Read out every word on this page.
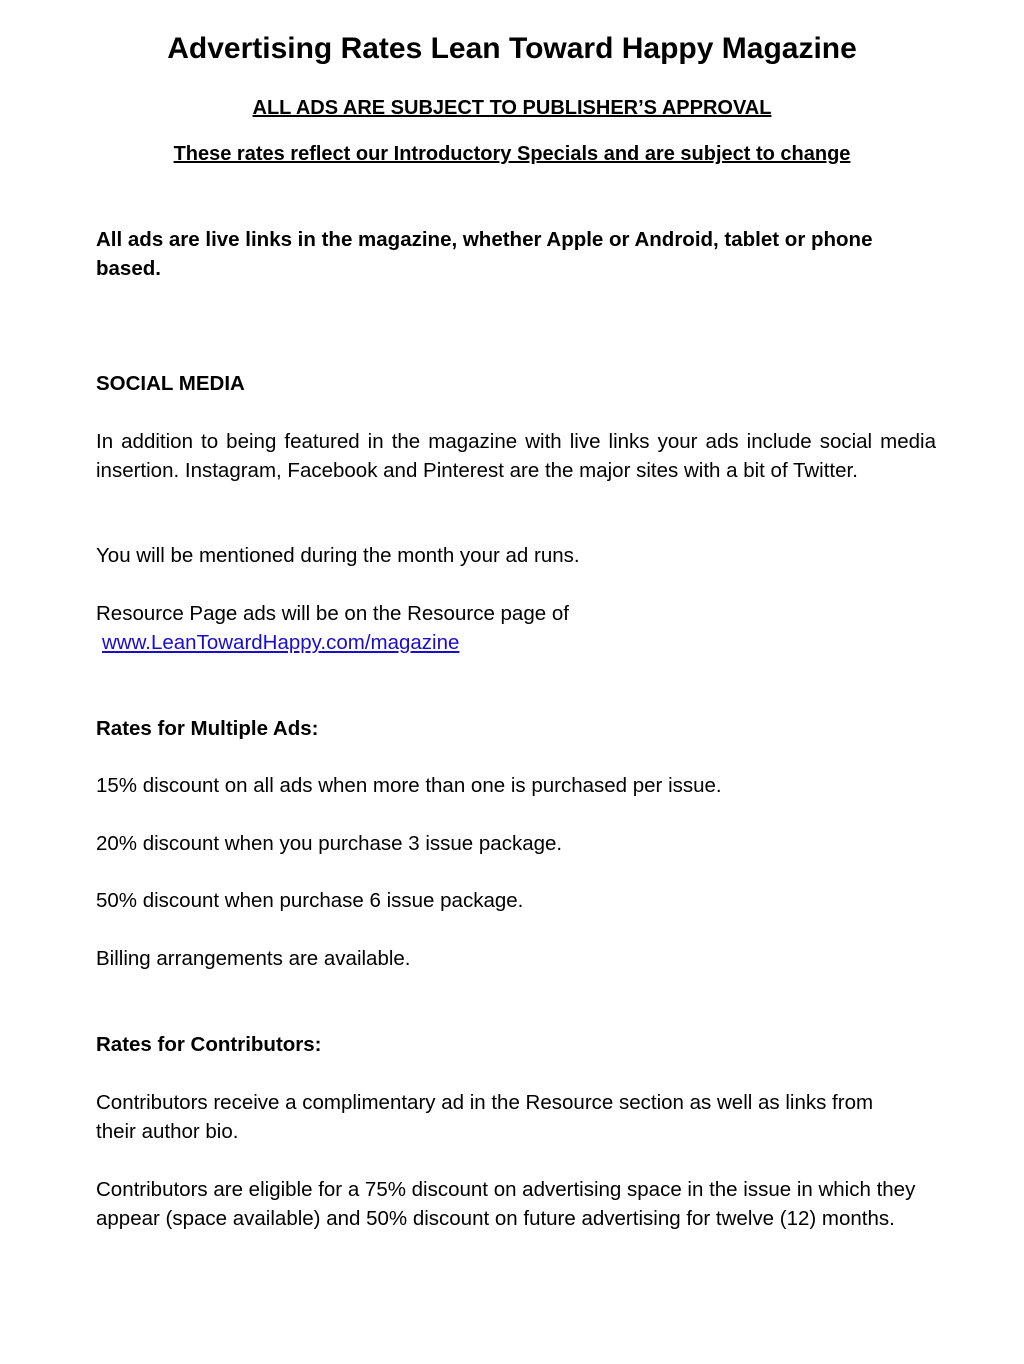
Advertising Rates Lean Toward Happy Magazine

ALL ADS ARE SUBJECT TO PUBLISHER’S APPROVAL

These rates reflect our Introductory Specials and are subject to change

All ads are live links in the magazine, whether Apple or Android, tablet or phone based.

SOCIAL MEDIA

In addition to being featured in the magazine with live links your ads include social media insertion. Instagram, Facebook and Pinterest are the major sites with a bit of Twitter.

You will be mentioned during the month your ad runs.

Resource Page ads will be on the Resource page of

www.LeanTowardHappy.com/magazine

Rates for Multiple Ads:

15% discount on all ads when more than one is purchased per issue.

20% discount when you purchase 3 issue package.

50% discount when purchase 6 issue package.

Billing arrangements are available.

Rates for Contributors:

Contributors receive a complimentary ad in the Resource section as well as links from their author bio.

Contributors are eligible for a 75% discount on advertising space in the issue in which they appear (space available) and 50% discount on future advertising for twelve (12) months.
